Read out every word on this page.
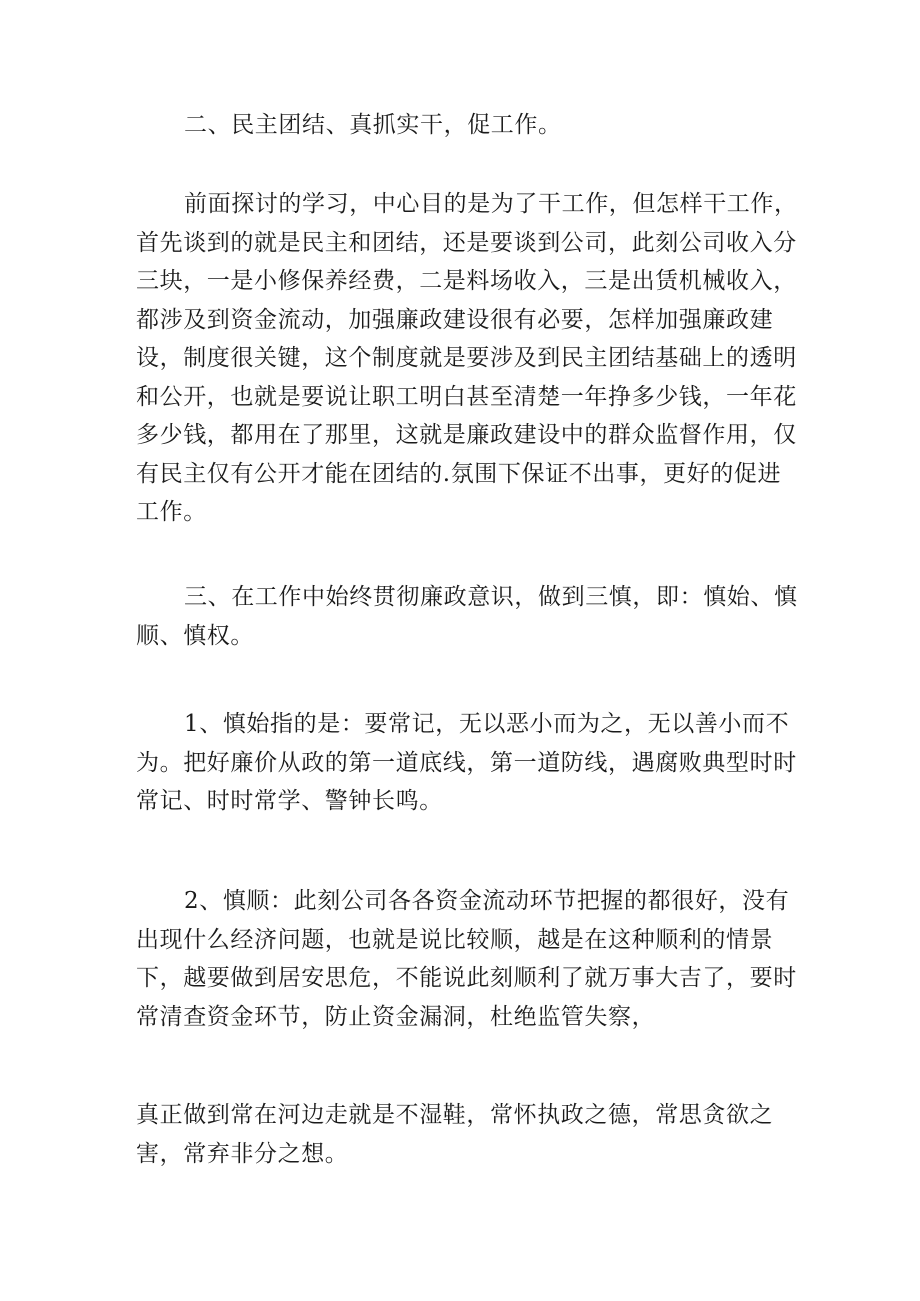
二、民主团结、真抓实干，促工作。

前面探讨的学习，中心目的是为了干工作，但怎样干工作，首先谈到的就是民主和团结，还是要谈到公司，此刻公司收入分三块，一是小修保养经费，二是料场收入，三是出赁机械收入，都涉及到资金流动，加强廉政建设很有必要，怎样加强廉政建设，制度很关键，这个制度就是要涉及到民主团结基础上的透明和公开，也就是要说让职工明白甚至清楚一年挣多少钱，一年花多少钱，都用在了那里，这就是廉政建设中的群众监督作用，仅有民主仅有公开才能在团结的.氛围下保证不出事，更好的促进工作。

三、在工作中始终贯彻廉政意识，做到三慎，即：慎始、慎顺、慎权。

1、慎始指的是：要常记，无以恶小而为之，无以善小而不为。把好廉价从政的第一道底线，第一道防线，遇腐败典型时时常记、时时常学、警钟长鸣。

2、慎顺：此刻公司各各资金流动环节把握的都很好，没有出现什么经济问题，也就是说比较顺，越是在这种顺利的情景下，越要做到居安思危，不能说此刻顺利了就万事大吉了，要时常清查资金环节，防止资金漏洞，杜绝监管失察，

真正做到常在河边走就是不湿鞋，常怀执政之德，常思贪欲之害，常弃非分之想。
